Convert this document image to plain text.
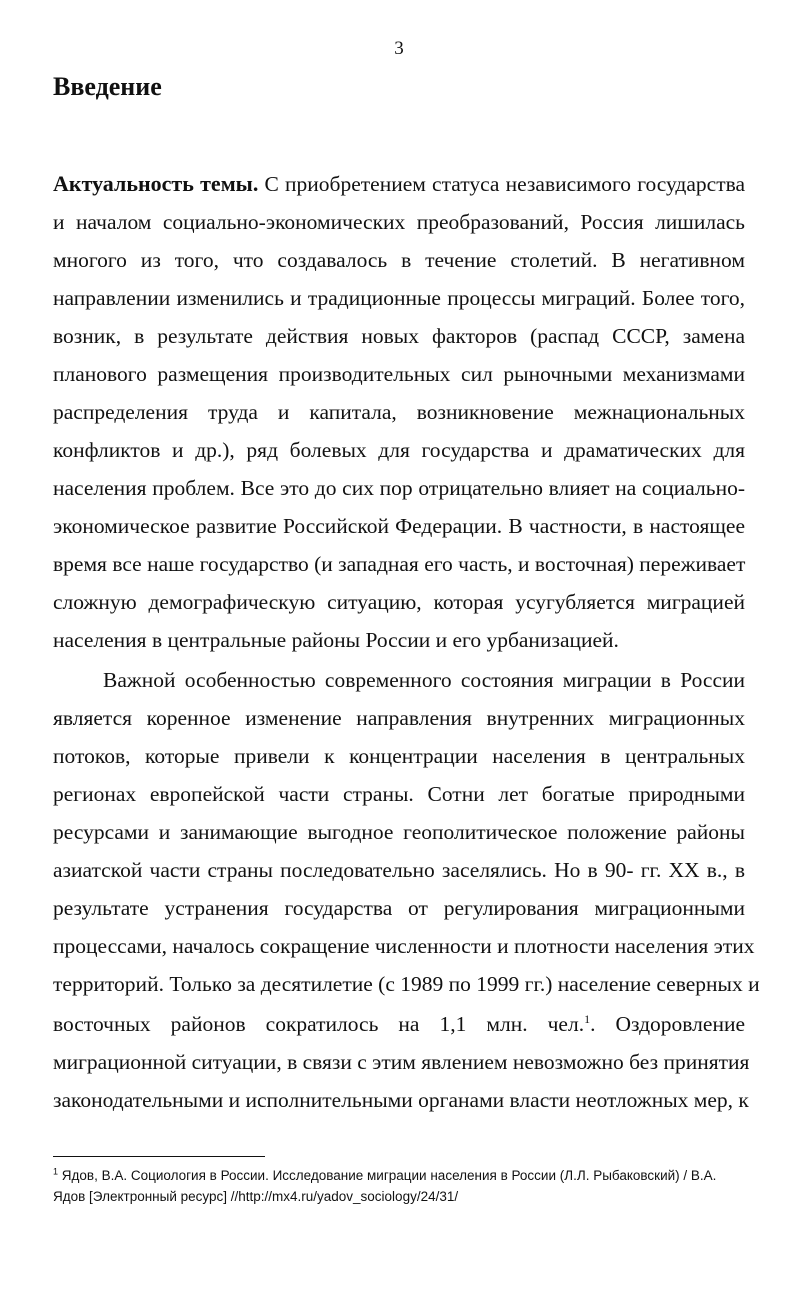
3
Введение
Актуальность темы. С приобретением статуса независимого государства
и началом социально-экономических преобразований, Россия лишилась
многого из того, что создавалось в течение столетий. В негативном
направлении изменились и традиционные процессы миграций. Более того,
возник, в результате действия новых факторов (распад СССР, замена
планового размещения производительных сил рыночными механизмами
распределения труда и капитала, возникновение межнациональных
конфликтов и др.), ряд болевых для государства и драматических для
населения проблем. Все это до сих пор отрицательно влияет на социально-
экономическое развитие Российской Федерации. В частности, в настоящее
время все наше государство (и западная его часть, и восточная) переживает
сложную демографическую ситуацию, которая усугубляется миграцией
населения в центральные районы России и его урбанизацией.
Важной особенностью современного состояния миграции в России
является коренное изменение направления внутренних миграционных
потоков, которые привели к концентрации населения в центральных
регионах европейской части страны. Сотни лет богатые природными
ресурсами и занимающие выгодное геополитическое положение районы
азиатской части страны последовательно заселялись. Но в 90- гг. XX в., в
результате устранения государства от регулирования миграционными
процессами, началось сокращение численности и плотности населения этих
территорий. Только за десятилетие (с 1989 по 1999 гг.) население северных и
восточных районов сократилось на 1,1 млн. чел.$^1$. Оздоровление
миграционной ситуации, в связи с этим явлением невозможно без принятия
законодательными и исполнительными органами власти неотложных мер, к
$^1$ Ядов, В.А. Социология в России. Исследование миграции населения в России (Л.Л. Рыбаковский) / В.А.
Ядов [Электронный ресурс] //http://mx4.ru/yadov_sociology/24/31/
